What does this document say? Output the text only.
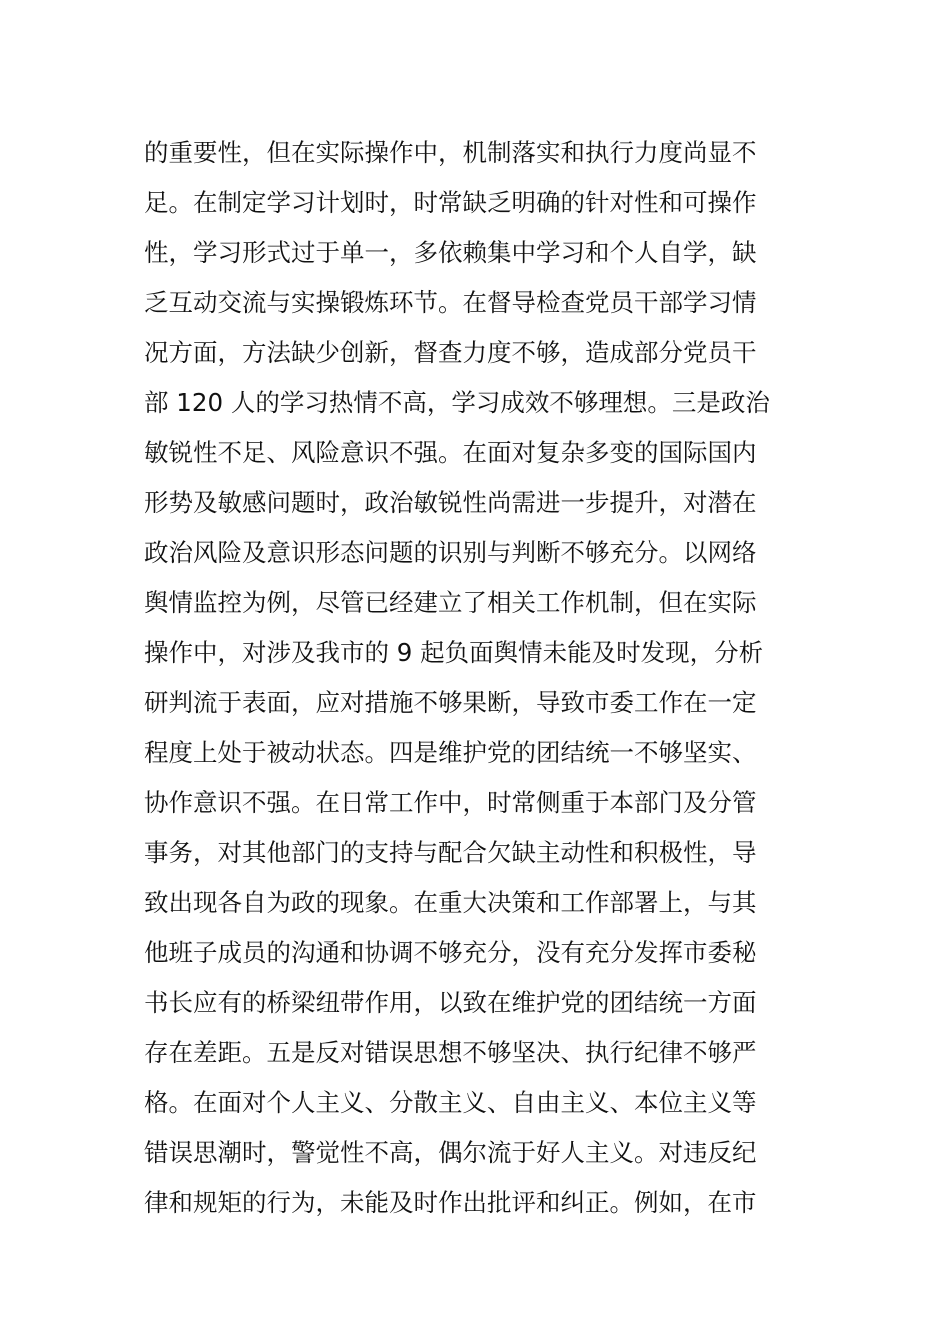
的重要性，但在实际操作中，机制落实和执行力度尚显不
足。在制定学习计划时，时常缺乏明确的针对性和可操作
性，学习形式过于单一，多依赖集中学习和个人自学，缺
乏互动交流与实操锻炼环节。在督导检查党员干部学习情
况方面，方法缺少创新，督查力度不够，造成部分党员干
部 120 人的学习热情不高，学习成效不够理想。三是政治
敏锐性不足、风险意识不强。在面对复杂多变的国际国内
形势及敏感问题时，政治敏锐性尚需进一步提升，对潜在
政治风险及意识形态问题的识别与判断不够充分。以网络
舆情监控为例，尽管已经建立了相关工作机制，但在实际
操作中，对涉及我市的 9 起负面舆情未能及时发现，分析
研判流于表面，应对措施不够果断，导致市委工作在一定
程度上处于被动状态。四是维护党的团结统一不够坚实、
协作意识不强。在日常工作中，时常侧重于本部门及分管
事务，对其他部门的支持与配合欠缺主动性和积极性，导
致出现各自为政的现象。在重大决策和工作部署上，与其
他班子成员的沟通和协调不够充分，没有充分发挥市委秘
书长应有的桥梁纽带作用，以致在维护党的团结统一方面
存在差距。五是反对错误思想不够坚决、执行纪律不够严
格。在面对个人主义、分散主义、自由主义、本位主义等
错误思潮时，警觉性不高，偶尔流于好人主义。对违反纪
律和规矩的行为，未能及时作出批评和纠正。例如，在市
